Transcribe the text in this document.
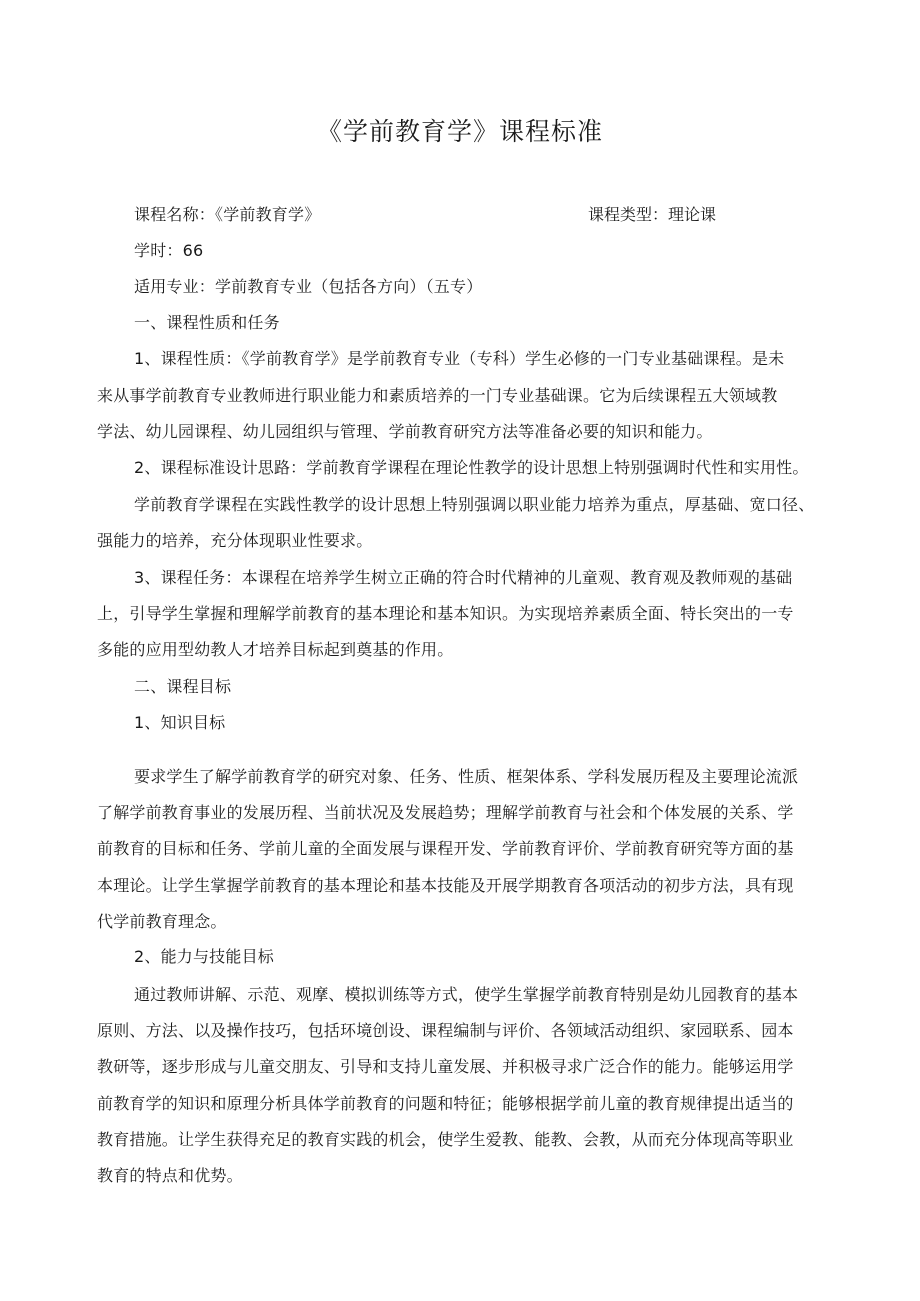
《学前教育学》课程标准
课程名称：《学前教育学》	课程类型：理论课
学时：66
适用专业：学前教育专业（包括各方向）（五专）
一、课程性质和任务
1、课程性质：《学前教育学》是学前教育专业（专科）学生必修的一门专业基础课程。是未
来从事学前教育专业教师进行职业能力和素质培养的一门专业基础课。它为后续课程五大领域教
学法、幼儿园课程、幼儿园组织与管理、学前教育研究方法等准备必要的知识和能力。
2、课程标准设计思路：学前教育学课程在理论性教学的设计思想上特别强调时代性和实用性。
学前教育学课程在实践性教学的设计思想上特别强调以职业能力培养为重点，厚基础、宽口径、
强能力的培养，充分体现职业性要求。
3、课程任务：本课程在培养学生树立正确的符合时代精神的儿童观、教育观及教师观的基础
上，引导学生掌握和理解学前教育的基本理论和基本知识。为实现培养素质全面、特长突出的一专
多能的应用型幼教人才培养目标起到奠基的作用。
二、课程目标
1、知识目标
要求学生了解学前教育学的研究对象、任务、性质、框架体系、学科发展历程及主要理论流派
了解学前教育事业的发展历程、当前状况及发展趋势；理解学前教育与社会和个体发展的关系、学
前教育的目标和任务、学前儿童的全面发展与课程开发、学前教育评价、学前教育研究等方面的基
本理论。让学生掌握学前教育的基本理论和基本技能及开展学期教育各项活动的初步方法，具有现
代学前教育理念。
2、能力与技能目标
通过教师讲解、示范、观摩、模拟训练等方式，使学生掌握学前教育特别是幼儿园教育的基本
原则、方法、以及操作技巧，包括环境创设、课程编制与评价、各领域活动组织、家园联系、园本
教研等，逐步形成与儿童交朋友、引导和支持儿童发展、并积极寻求广泛合作的能力。能够运用学
前教育学的知识和原理分析具体学前教育的问题和特征；能够根据学前儿童的教育规律提出适当的
教育措施。让学生获得充足的教育实践的机会，使学生爱教、能教、会教，从而充分体现高等职业
教育的特点和优势。
